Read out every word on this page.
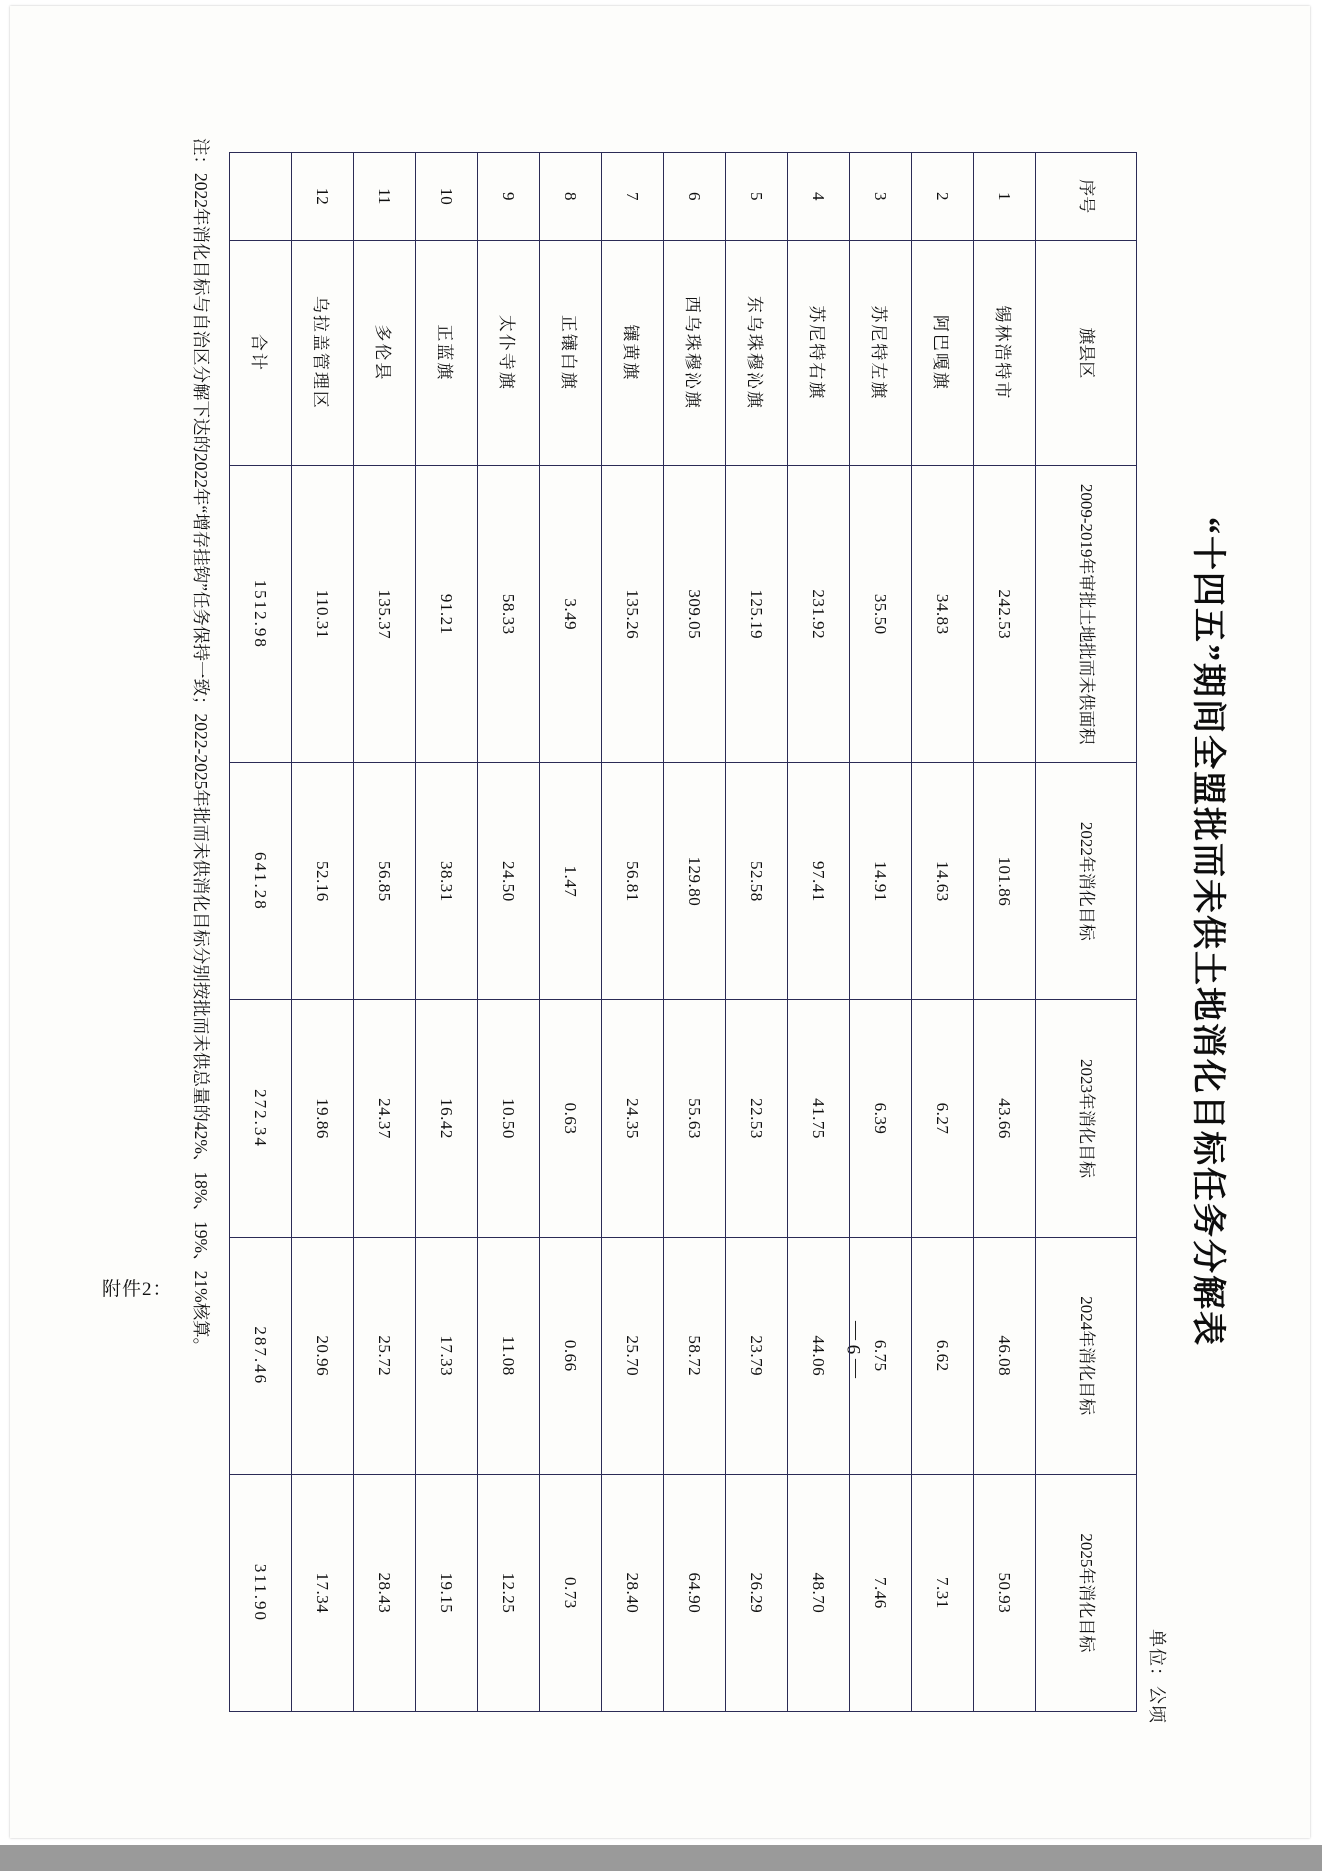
附件2：
— 9 —
“十四五”期间全盟批而未供土地消化目标任务分解表
单位：公顷
序号	旗县区	2009-2019年审批土地批而未供面积	2022年消化目标	2023年消化目标	2024年消化目标	2025年消化目标
1	锡林浩特市	242.53	101.86	43.66	46.08	50.93
2	阿巴嘎旗	34.83	14.63	6.27	6.62	7.31
3	苏尼特左旗	35.50	14.91	6.39	6.75	7.46
4	苏尼特右旗	231.92	97.41	41.75	44.06	48.70
5	东乌珠穆沁旗	125.19	52.58	22.53	23.79	26.29
6	西乌珠穆沁旗	309.05	129.80	55.63	58.72	64.90
7	镶黄旗	135.26	56.81	24.35	25.70	28.40
8	正镶白旗	3.49	1.47	0.63	0.66	0.73
9	太仆寺旗	58.33	24.50	10.50	11.08	12.25
10	正蓝旗	91.21	38.31	16.42	17.33	19.15
11	多伦县	135.37	56.85	24.37	25.72	28.43
12	乌拉盖管理区	110.31	52.16	19.86	20.96	17.34
	合计	1512.98	641.28	272.34	287.46	311.90
注：2022年消化目标与自治区分解下达的2022年“增存挂钩”任务保持一致；2022-2025年批而未供消化目标分别按批而未供总量的42%、18%、19%、21%核算。
